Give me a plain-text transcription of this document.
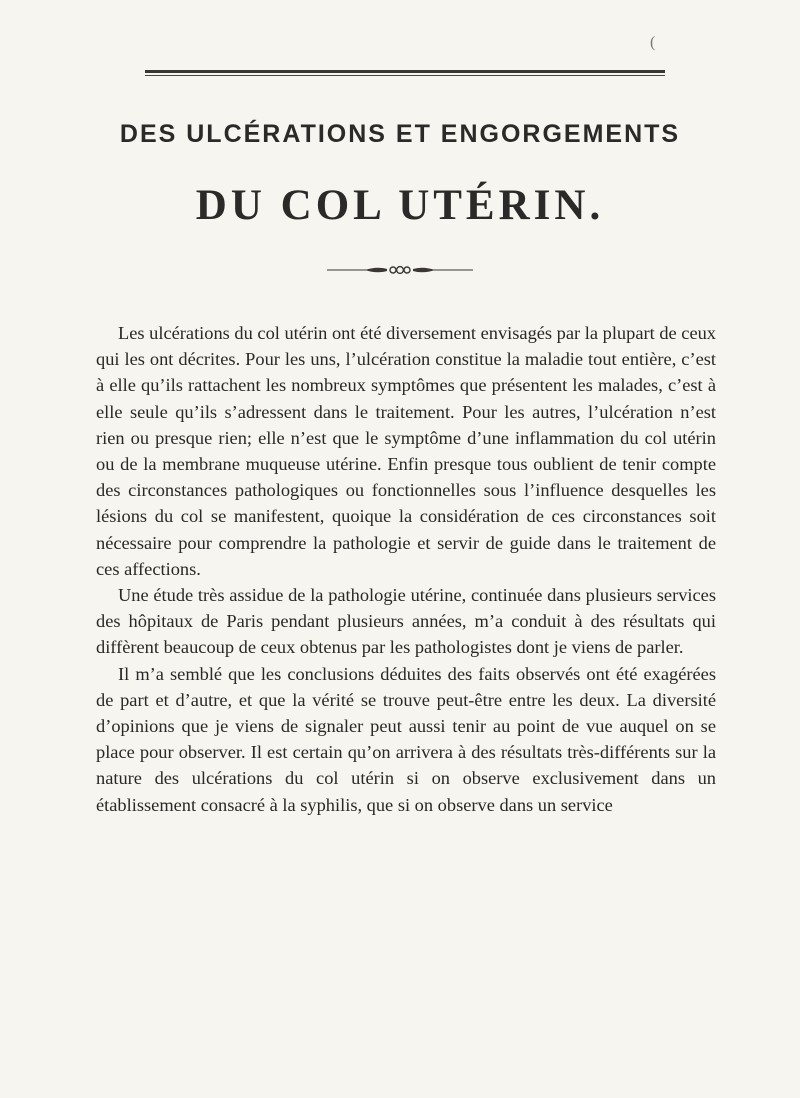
(
DES ULCÉRATIONS ET ENGORGEMENTS
DU COL UTÉRIN.

Les ulcérations du col utérin ont été diversement envisagés par la plupart de ceux qui les ont décrites. Pour les uns, l’ulcération constitue la maladie tout entière, c’est à elle qu’ils rattachent les nombreux symptômes que présentent les malades, c’est à elle seule qu’ils s’adressent dans le traitement. Pour les autres, l’ulcération n’est rien ou presque rien; elle n’est que le symptôme d’une inflammation du col utérin ou de la membrane muqueuse utérine. Enfin presque tous oublient de tenir compte des circonstances pathologiques ou fonctionnelles sous l’influence desquelles les lésions du col se manifestent, quoique la considération de ces circonstances soit nécessaire pour comprendre la pathologie et servir de guide dans le traitement de ces affections.

Une étude très assidue de la pathologie utérine, continuée dans plusieurs services des hôpitaux de Paris pendant plusieurs années, m’a conduit à des résultats qui diffèrent beaucoup de ceux obtenus par les pathologistes dont je viens de parler.

Il m’a semblé que les conclusions déduites des faits observés ont été exagérées de part et d’autre, et que la vérité se trouve peut-être entre les deux. La diversité d’opinions que je viens de signaler peut aussi tenir au point de vue auquel on se place pour observer. Il est certain qu’on arrivera à des résultats très-différents sur la nature des ulcérations du col utérin si on observe exclusivement dans un établissement consacré à la syphilis, que si on observe dans un service
